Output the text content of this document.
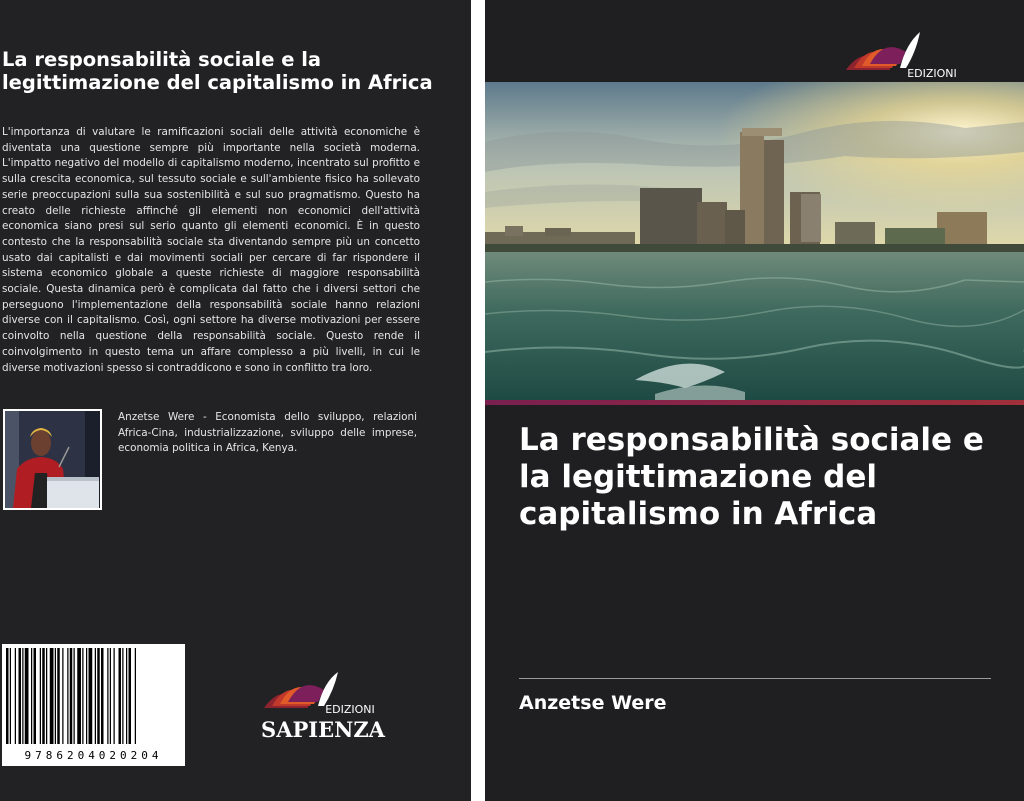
La responsabilità sociale e la legittimazione del capitalismo in Africa
L'importanza di valutare le ramificazioni sociali delle attività economiche è diventata una questione sempre più importante nella società moderna. L'impatto negativo del modello di capitalismo moderno, incentrato sul profitto e sulla crescita economica, sul tessuto sociale e sull'ambiente fisico ha sollevato serie preoccupazioni sulla sua sostenibilità e sul suo pragmatismo. Questo ha creato delle richieste affinché gli elementi non economici dell'attività economica siano presi sul serio quanto gli elementi economici. È in questo contesto che la responsabilità sociale sta diventando sempre più un concetto usato dai capitalisti e dai movimenti sociali per cercare di far rispondere il sistema economico globale a queste richieste di maggiore responsabilità sociale. Questa dinamica però è complicata dal fatto che i diversi settori che perseguono l'implementazione della responsabilità sociale hanno relazioni diverse con il capitalismo. Così, ogni settore ha diverse motivazioni per essere coinvolto nella questione della responsabilità sociale. Questo rende il coinvolgimento in questo tema un affare complesso a più livelli, in cui le diverse motivazioni spesso si contraddicono e sono in conflitto tra loro.
Anzetse Were - Economista dello sviluppo, relazioni Africa-Cina, industrializzazione, sviluppo delle imprese, economia politica in Africa, Kenya.
9786204020204
EDIZIONI
SAPIENZA
EDIZIONI
La responsabilità sociale e la legittimazione del capitalismo in Africa
Anzetse Were
